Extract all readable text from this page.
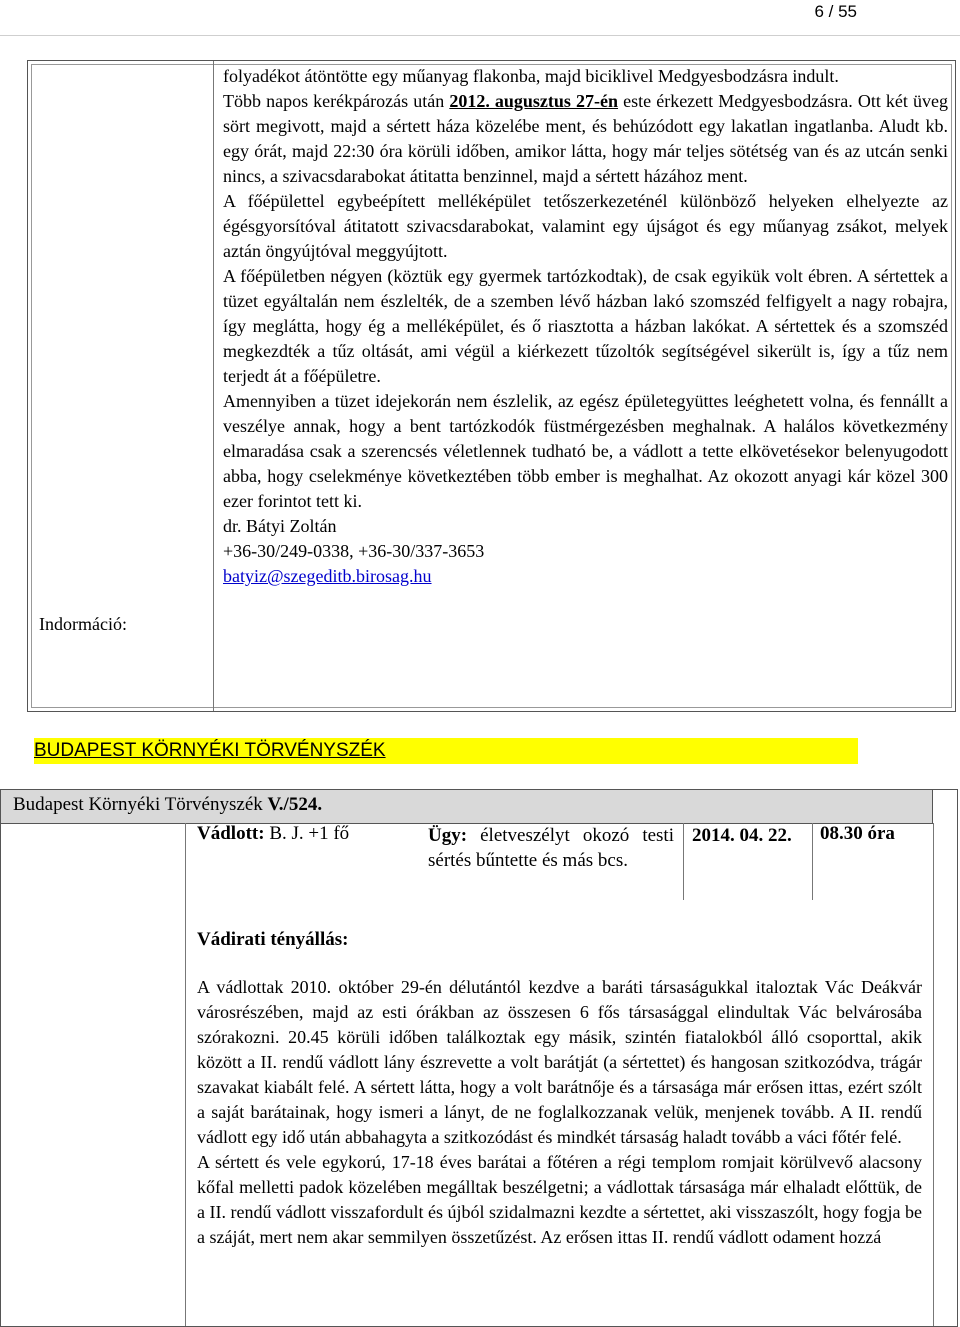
6 / 55
Indormáció:

folyadékot átöntötte egy műanyag flakonba, majd biciklivel Medgyesbodzásra indult.

Több napos kerékpározás után 2012. augusztus 27-én este érkezett Medgyesbodzásra. Ott két üveg sört megivott, majd a sértett háza közelébe ment, és behúzódott egy lakatlan ingatlanba. Aludt kb. egy órát, majd 22:30 óra körüli időben, amikor látta, hogy már teljes sötétség van és az utcán senki nincs, a szivacsdarabokat átitatta benzinnel, majd a sértett házához ment.

A főépülettel egybeépített melléképület tetőszerkezeténél különböző helyeken elhelyezte az égésgyorsítóval átitatott szivacsdarabokat, valamint egy újságot és egy műanyag zsákot, melyek aztán öngyújtóval meggyújtott.

A főépületben négyen (köztük egy gyermek tartózkodtak), de csak egyikük volt ébren. A sértettek a tüzet egyáltalán nem észlelték, de a szemben lévő házban lakó szomszéd felfigyelt a nagy robajra, így meglátta, hogy ég a melléképület, és ő riasztotta a házban lakókat. A sértettek és a szomszéd megkezdték a tűz oltását, ami végül a kiérkezett tűzoltók segítségével sikerült is, így a tűz nem terjedt át a főépületre.

Amennyiben a tüzet idejekorán nem észlelik, az egész épületegyüttes leéghetett volna, és fennállt a veszélye annak, hogy a bent tartózkodók füstmérgezésben meghalnak. A halálos következmény elmaradása csak a szerencsés véletlennek tudható be, a vádlott a tette elkövetésekor belenyugodott abba, hogy cselekménye következtében több ember is meghalhat. Az okozott anyagi kár közel 300 ezer forintot tett ki.

dr. Bátyi Zoltán

+36-30/249-0338, +36-30/337-3653

batyiz@szegeditb.birosag.hu

BUDAPEST KÖRNYÉKI TÖRVÉNYSZÉK
Budapest Környéki Törvényszék V./524.
Vádlott: B. J. +1 fő	Ügy: életveszélyt okozó testi sértés bűntette és más bcs.
2014. 04. 22.	08.30 óra
Vádirati tényállás:

A vádlottak 2010. október 29-én délutántól kezdve a baráti társaságukkal italoztak Vác Deákvár városrészében, majd az esti órákban az összesen 6 fős társasággal elindultak Vác belvárosába szórakozni. 20.45 körüli időben találkoztak egy másik, szintén fiatalokból álló csoporttal, akik között a II. rendű vádlott lány észrevette a volt barátját (a sértettet) és hangosan szitkozódva, trágár szavakat kiabált felé. A sértett látta, hogy a volt barátnője és a társasága már erősen ittas, ezért szólt a saját barátainak, hogy ismeri a lányt, de ne foglalkozzanak velük, menjenek tovább. A II. rendű vádlott egy idő után abbahagyta a szitkozódást és mindkét társaság haladt tovább a váci főtér felé.

A sértett és vele egykorú, 17-18 éves barátai a főtéren a régi templom romjait körülvevő alacsony kőfal melletti padok közelében megálltak beszélgetni; a vádlottak társasága már elhaladt előttük, de a II. rendű vádlott visszafordult és újból szidalmazni kezdte a sértettet, aki visszaszólt, hogy fogja be a száját, mert nem akar semmilyen összetűzést. Az erősen ittas II. rendű vádlott odament hozzá
